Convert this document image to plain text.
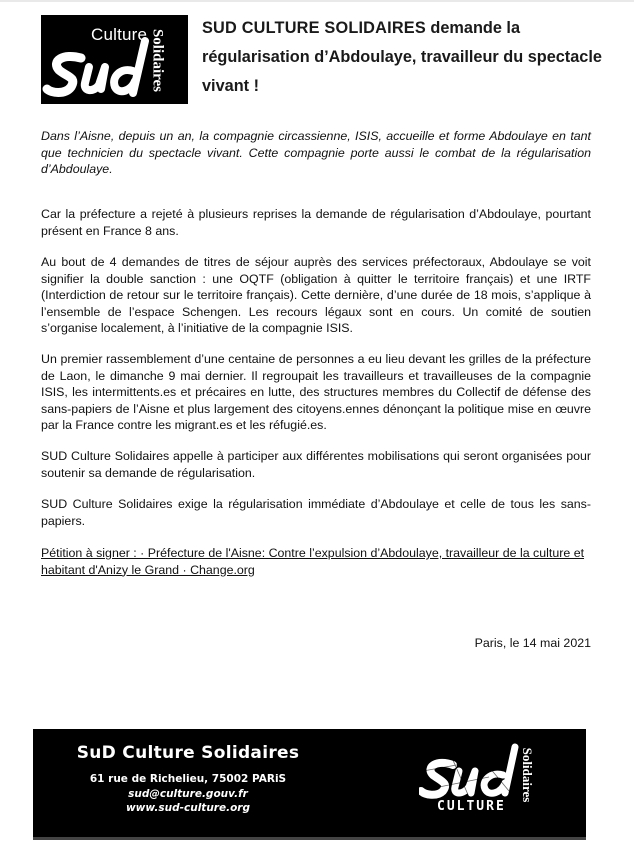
Culture Solidaires
SUD CULTURE SOLIDAIRES demande la régularisation d’Abdoulaye, travailleur du spectacle vivant !

Dans l’Aisne, depuis un an, la compagnie circassienne, ISIS, accueille et forme Abdoulaye en tant que technicien du spectacle vivant. Cette compagnie porte aussi le combat de la régularisation d’Abdoulaye.

Car la préfecture a rejeté à plusieurs reprises la demande de régularisation d’Abdoulaye, pourtant présent en France 8 ans.

Au bout de 4 demandes de titres de séjour auprès des services préfectoraux, Abdoulaye se voit signifier la double sanction : une OQTF (obligation à quitter le territoire français) et une IRTF (Interdiction de retour sur le territoire français). Cette dernière, d’une durée de 18 mois, s’applique à l’ensemble de l’espace Schengen. Les recours légaux sont en cours. Un comité de soutien s’organise localement, à l’initiative de la compagnie ISIS.

Un premier rassemblement d’une centaine de personnes a eu lieu devant les grilles de la préfecture de Laon, le dimanche 9 mai dernier. Il regroupait les travailleurs et travailleuses de la compagnie ISIS, les intermittents.es et précaires en lutte, des structures membres du Collectif de défense des sans-papiers de l’Aisne et plus largement des citoyens.ennes dénonçant la politique mise en œuvre par la France contre les migrant.es et les réfugié.es.

SUD Culture Solidaires appelle à participer aux différentes mobilisations qui seront organisées pour soutenir sa demande de régularisation.

SUD Culture Solidaires exige la régularisation immédiate d’Abdoulaye et celle de tous les sans-papiers.

Pétition à signer : · Préfecture de l'Aisne: Contre l’expulsion d’Abdoulaye, travailleur de la culture et habitant d'Anizy le Grand · Change.org

Paris, le 14 mai 2021
SuD Culture Solidaires
61 rue de Richelieu, 75002 PARiS
sud@culture.gouv.fr
www.sud-culture.org	CULTURE
Solidaires
